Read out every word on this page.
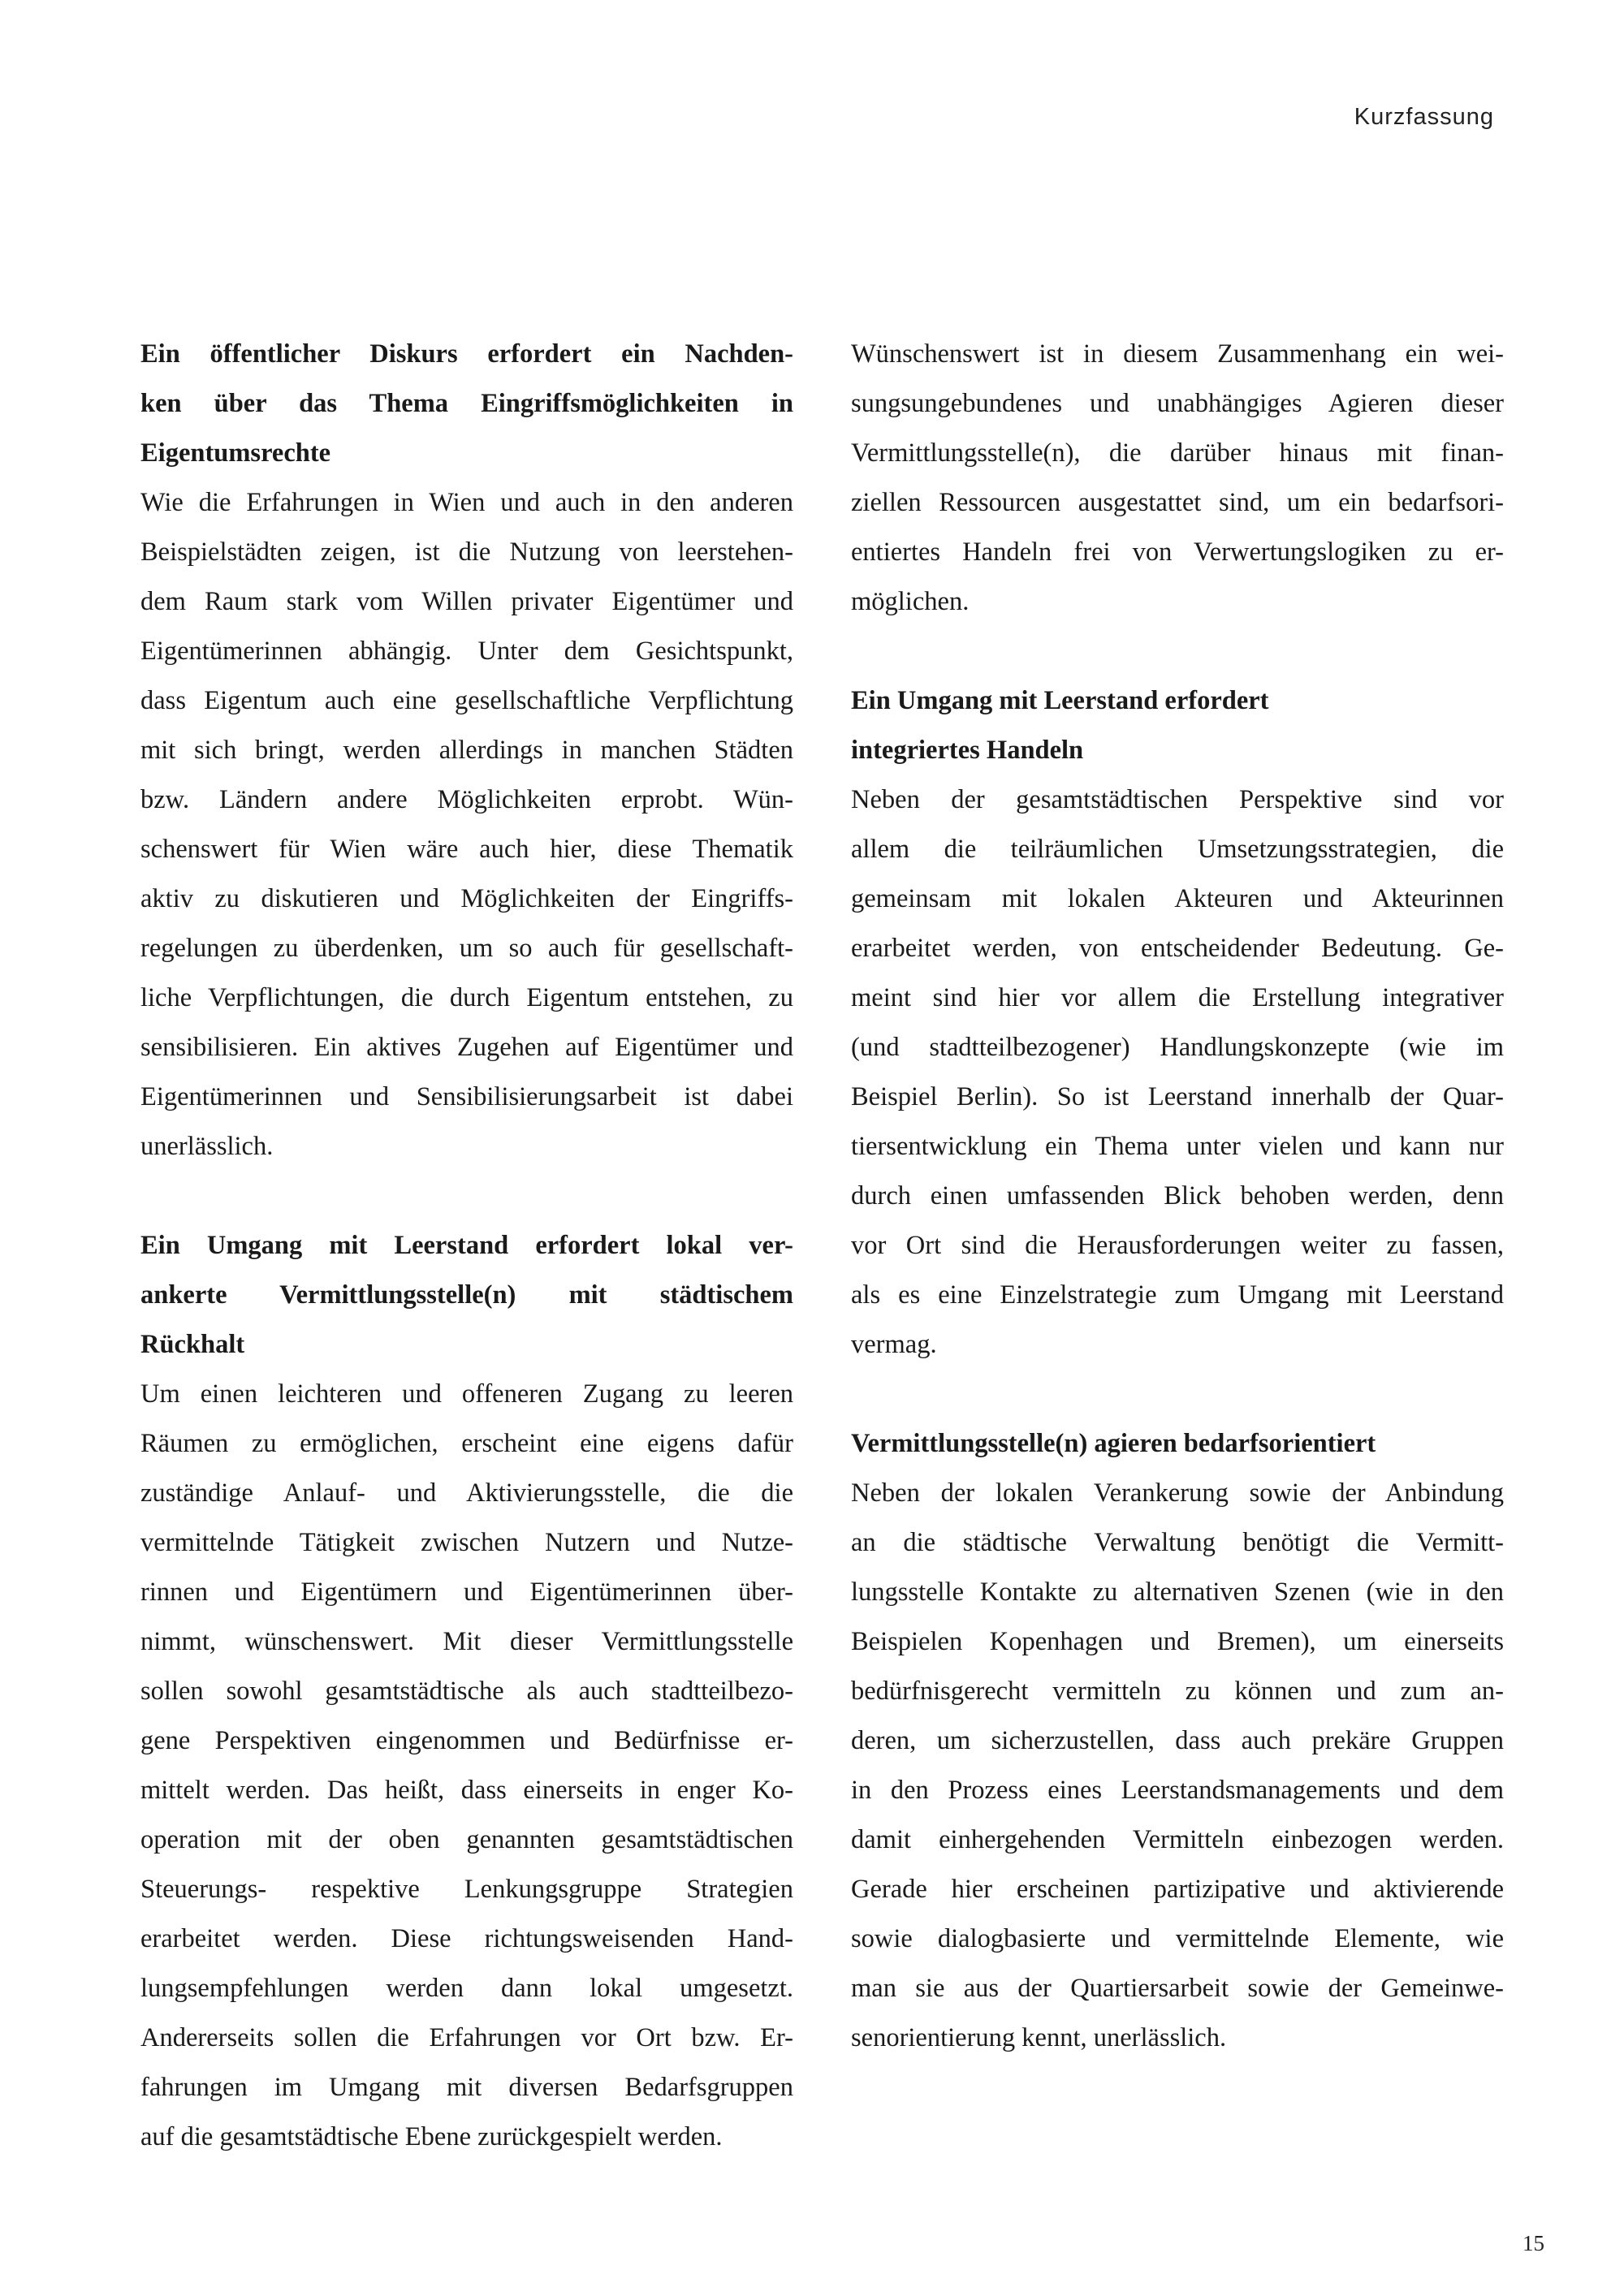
Kurzfassung
Ein öffentlicher Diskurs erfordert ein Nachden-
ken über das Thema Eingriffsmöglichkeiten in
Eigentumsrechte
Wie die Erfahrungen in Wien und auch in den anderen
Beispielstädten zeigen, ist die Nutzung von leerstehen-
dem Raum stark vom Willen privater Eigentümer und
Eigentümerinnen abhängig. Unter dem Gesichtspunkt,
dass Eigentum auch eine gesellschaftliche Verpflichtung
mit sich bringt, werden allerdings in manchen Städten
bzw. Ländern andere Möglichkeiten erprobt. Wün-
schenswert für Wien wäre auch hier, diese Thematik
aktiv zu diskutieren und Möglichkeiten der Eingriffs-
regelungen zu überdenken, um so auch für gesellschaft-
liche Verpflichtungen, die durch Eigentum entstehen, zu
sensibilisieren. Ein aktives Zugehen auf Eigentümer und
Eigentümerinnen und Sensibilisierungsarbeit ist dabei
unerlässlich.
Ein Umgang mit Leerstand erfordert lokal ver-
ankerte Vermittlungsstelle(n) mit städtischem
Rückhalt
Um einen leichteren und offeneren Zugang zu leeren
Räumen zu ermöglichen, erscheint eine eigens dafür
zuständige Anlauf- und Aktivierungsstelle, die die
vermittelnde Tätigkeit zwischen Nutzern und Nutze-
rinnen und Eigentümern und Eigentümerinnen über-
nimmt, wünschenswert. Mit dieser Vermittlungsstelle
sollen sowohl gesamtstädtische als auch stadtteilbezo-
gene Perspektiven eingenommen und Bedürfnisse er-
mittelt werden. Das heißt, dass einerseits in enger Ko-
operation mit der oben genannten gesamtstädtischen
Steuerungs- respektive Lenkungsgruppe Strategien
erarbeitet werden. Diese richtungsweisenden Hand-
lungsempfehlungen werden dann lokal umgesetzt.
Andererseits sollen die Erfahrungen vor Ort bzw. Er-
fahrungen im Umgang mit diversen Bedarfsgruppen
auf die gesamtstädtische Ebene zurückgespielt werden.
Wünschenswert ist in diesem Zusammenhang ein wei-
sungsungebundenes und unabhängiges Agieren dieser
Vermittlungsstelle(n), die darüber hinaus mit finan-
ziellen Ressourcen ausgestattet sind, um ein bedarfsori-
entiertes Handeln frei von Verwertungslogiken zu er-
möglichen.
Ein Umgang mit Leerstand erfordert
integriertes Handeln
Neben der gesamtstädtischen Perspektive sind vor
allem die teilräumlichen Umsetzungsstrategien, die
gemeinsam mit lokalen Akteuren und Akteurinnen
erarbeitet werden, von entscheidender Bedeutung. Ge-
meint sind hier vor allem die Erstellung integrativer
(und stadtteilbezogener) Handlungskonzepte (wie im
Beispiel Berlin). So ist Leerstand innerhalb der Quar-
tiersentwicklung ein Thema unter vielen und kann nur
durch einen umfassenden Blick behoben werden, denn
vor Ort sind die Herausforderungen weiter zu fassen,
als es eine Einzelstrategie zum Umgang mit Leerstand
vermag.
Vermittlungsstelle(n) agieren bedarfsorientiert
Neben der lokalen Verankerung sowie der Anbindung
an die städtische Verwaltung benötigt die Vermitt-
lungsstelle Kontakte zu alternativen Szenen (wie in den
Beispielen Kopenhagen und Bremen), um einerseits
bedürfnisgerecht vermitteln zu können und zum an-
deren, um sicherzustellen, dass auch prekäre Gruppen
in den Prozess eines Leerstandsmanagements und dem
damit einhergehenden Vermitteln einbezogen werden.
Gerade hier erscheinen partizipative und aktivierende
sowie dialogbasierte und vermittelnde Elemente, wie
man sie aus der Quartiersarbeit sowie der Gemeinwe-
senorientierung kennt, unerlässlich.
15
